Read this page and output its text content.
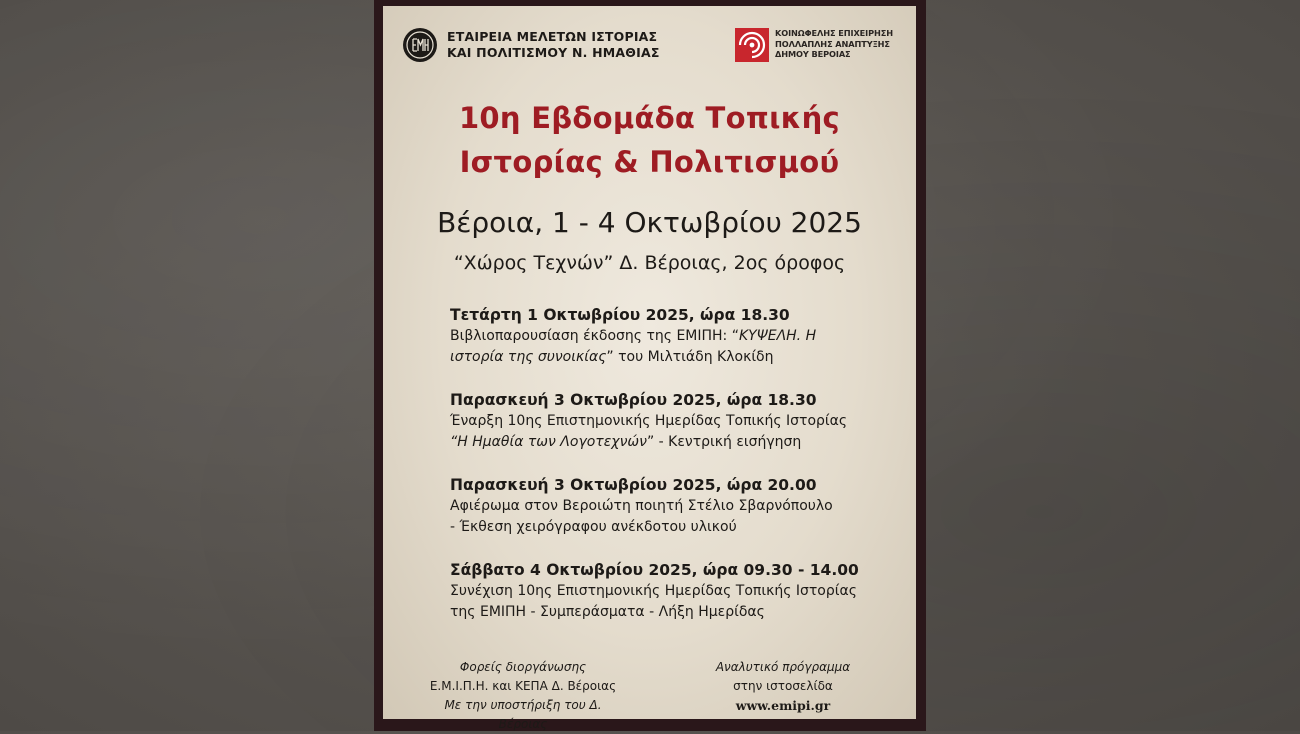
ΕΤΑΙΡΕΙΑ ΜΕΛΕΤΩΝ ΙΣΤΟΡΙΑΣ
ΚΑΙ ΠΟΛΙΤΙΣΜΟΥ Ν. ΗΜΑΘΙΑΣ
ΚΟΙΝΩΦΕΛΗΣ ΕΠΙΧΕΙΡΗΣΗ
ΠΟΛΛΑΠΛΗΣ ΑΝΑΠΤΥΞΗΣ
ΔΗΜΟΥ ΒΕΡΟΙΑΣ
10η Εβδομάδα Τοπικής
Ιστορίας & Πολιτισμού
Βέροια, 1 - 4 Οκτωβρίου 2025
“Χώρος Τεχνών” Δ. Βέροιας, 2ος όροφος
Τετάρτη 1 Οκτωβρίου 2025, ώρα 18.30
Βιβλιοπαρουσίαση έκδοσης της ΕΜΙΠΗ: “ΚΥΨΕΛΗ. Η
ιστορία της συνοικίας” του Μιλτιάδη Κλοκίδη
Παρασκευή 3 Οκτωβρίου 2025, ώρα 18.30
Έναρξη 10ης Επιστημονικής Ημερίδας Τοπικής Ιστορίας
“Η Ημαθία των Λογοτεχνών” - Κεντρική εισήγηση
Παρασκευή 3 Οκτωβρίου 2025, ώρα 20.00
Αφιέρωμα στον Βεροιώτη ποιητή Στέλιο Σβαρνόπουλο
- Έκθεση χειρόγραφου ανέκδοτου υλικού
Σάββατο 4 Οκτωβρίου 2025, ώρα 09.30 - 14.00
Συνέχιση 10ης Επιστημονικής Ημερίδας Τοπικής Ιστορίας
της ΕΜΙΠΗ - Συμπεράσματα - Λήξη Ημερίδας
Φορείς διοργάνωσης
Ε.Μ.Ι.Π.Η. και ΚΕΠΑ Δ. Βέροιας
Με την υποστήριξη του Δ. Βέροιας
Αναλυτικό πρόγραμμα
στην ιστοσελίδα
www.emipi.gr
